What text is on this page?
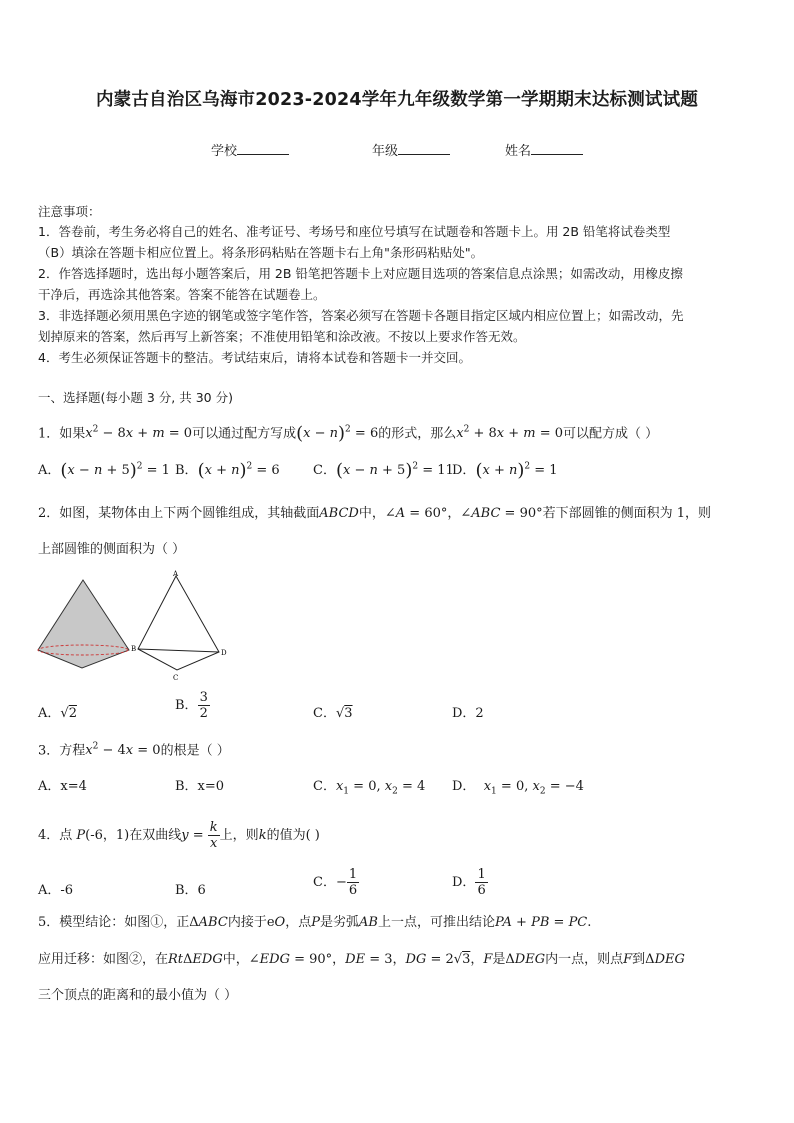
内蒙古自治区乌海市2023-2024学年九年级数学第一学期期末达标测试试题
学校	年级	姓名
注意事项：
1．答卷前，考生务必将自己的姓名、准考证号、考场号和座位号填写在试题卷和答题卡上。用 2B 铅笔将试卷类型
（B）填涂在答题卡相应位置上。将条形码粘贴在答题卡右上角"条形码粘贴处"。
2．作答选择题时，选出每小题答案后，用 2B 铅笔把答题卡上对应题目选项的答案信息点涂黑；如需改动，用橡皮擦
干净后，再选涂其他答案。答案不能答在试题卷上。
3．非选择题必须用黑色字迹的钢笔或签字笔作答，答案必须写在答题卡各题目指定区域内相应位置上；如需改动，先
划掉原来的答案，然后再写上新答案；不准使用铅笔和涂改液。不按以上要求作答无效。
4．考生必须保证答题卡的整洁。考试结束后，请将本试卷和答题卡一并交回。
一、选择题(每小题 3 分, 共 30 分)
1．如果$x^2 - 8x + m = 0$可以通过配方写成$(x - n)^2 = 6$的形式，那么$x^2 + 8x + m = 0$可以配方成（ ）
A．$(x - n + 5)^2 = 1$ B．$(x + n)^2 = 6$	C．$(x - n + 5)^2 = 11$
D．$(x + n)^2 = 1$
2．如图，某物体由上下两个圆锥组成，其轴截面ABCD中，∠A = 60°，∠ABC = 90°若下部圆锥的侧面积为 1，则
上部圆锥的侧面积为（ ）
A
B
C
D
A．√2
B． $\frac{3}{2}$	C．√3	D．2
3．方程$x^2 - 4x = 0$的根是（ ）
A．x=4	B．x=0	C．$x_1 = 0$, $x_2 = 4$ D． $x_1 = 0$, $x_2 = -4$
4．点 P(-6，1)在双曲线$y = \frac{k}{x}$ 上，则k的值为( )
A．-6	B．6
C．− $\frac{1}{6}$	D． $\frac{1}{6}$
5．模型结论：如图①，正ΔABC内接于eO，点P是劣弧AB上一点，可推出结论PA + PB = PC.
应用迁移：如图②，在RtΔEDG中，∠EDG = 90°，DE = 3，DG = 2√3，F是ΔDEG内一点，则点F到ΔDEG
三个顶点的距离和的最小值为（ ）
